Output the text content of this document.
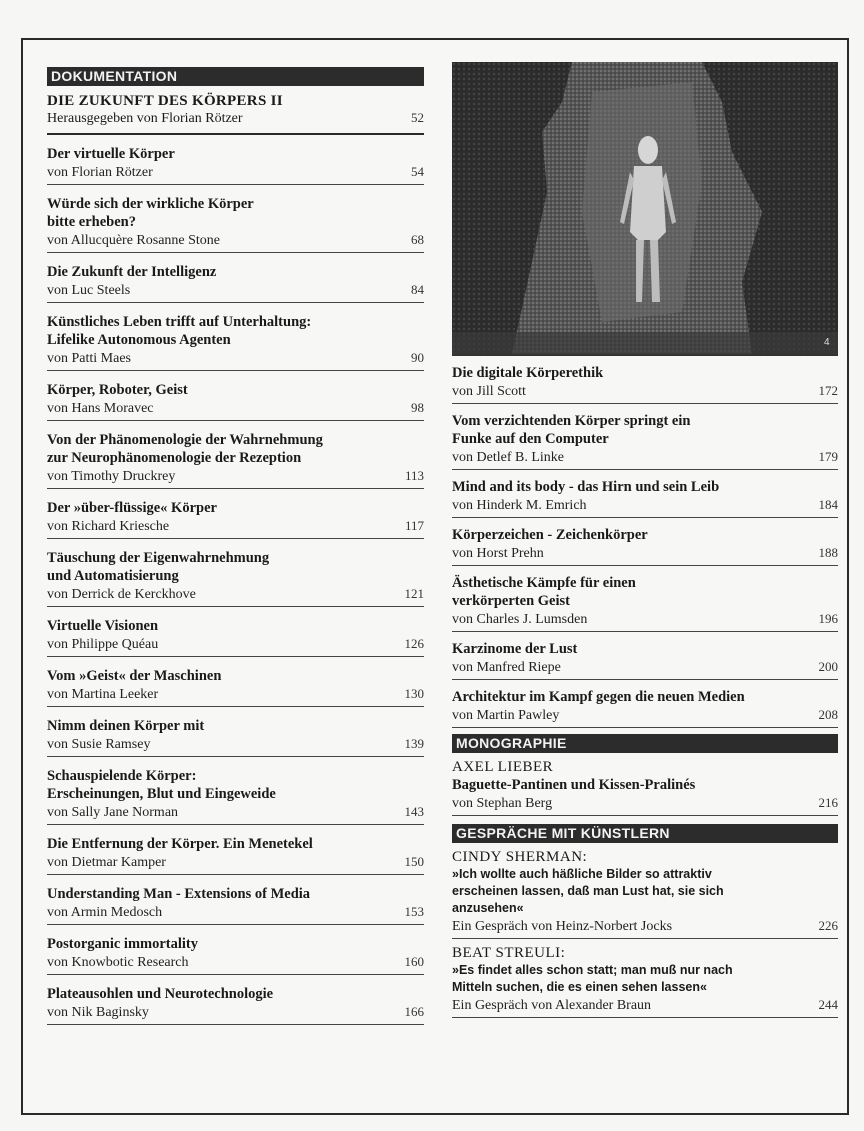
DOKUMENTATION
DIE ZUKUNFT DES KÖRPERS II
Herausgegeben von Florian Rötzer	52
Der virtuelle Körper
von Florian Rötzer	54
Würde sich der wirkliche Körper
bitte erheben?
von Allucquère Rosanne Stone	68
Die Zukunft der Intelligenz
von Luc Steels	84
Künstliches Leben trifft auf Unterhaltung:
Lifelike Autonomous Agenten
von Patti Maes	90
Körper, Roboter, Geist
von Hans Moravec	98
Von der Phänomenologie der Wahrnehmung
zur Neurophänomenologie der Rezeption
von Timothy Druckrey	113
Der »über-flüssige« Körper
von Richard Kriesche	117
Täuschung der Eigenwahrnehmung
und Automatisierung
von Derrick de Kerckhove	121
Virtuelle Visionen
von Philippe Quéau	126
Vom »Geist« der Maschinen
von Martina Leeker	130
Nimm deinen Körper mit
von Susie Ramsey	139
Schauspielende Körper:
Erscheinungen, Blut und Eingeweide
von Sally Jane Norman	143
Die Entfernung der Körper. Ein Menetekel
von Dietmar Kamper	150
Understanding Man - Extensions of Media
von Armin Medosch	153
Postorganic immortality
von Knowbotic Research	160
Plateausohlen und Neurotechnologie
von Nik Baginsky	166
4
Die digitale Körperethik
von Jill Scott	172
Vom verzichtenden Körper springt ein
Funke auf den Computer
von Detlef B. Linke	179
Mind and its body - das Hirn und sein Leib
von Hinderk M. Emrich	184
Körperzeichen - Zeichenkörper
von Horst Prehn	188
Ästhetische Kämpfe für einen
verkörperten Geist
von Charles J. Lumsden	196
Karzinome der Lust
von Manfred Riepe	200
Architektur im Kampf gegen die neuen Medien
von Martin Pawley	208
MONOGRAPHIE
AXEL LIEBER
Baguette-Pantinen und Kissen-Pralinés
von Stephan Berg	216
GESPRÄCHE MIT KÜNSTLERN
CINDY SHERMAN:
»Ich wollte auch häßliche Bilder so attraktiv
erscheinen lassen, daß man Lust hat, sie sich
anzusehen«
Ein Gespräch von Heinz-Norbert Jocks	226
BEAT STREULI:
»Es findet alles schon statt; man muß nur nach
Mitteln suchen, die es einen sehen lassen«
Ein Gespräch von Alexander Braun	244
